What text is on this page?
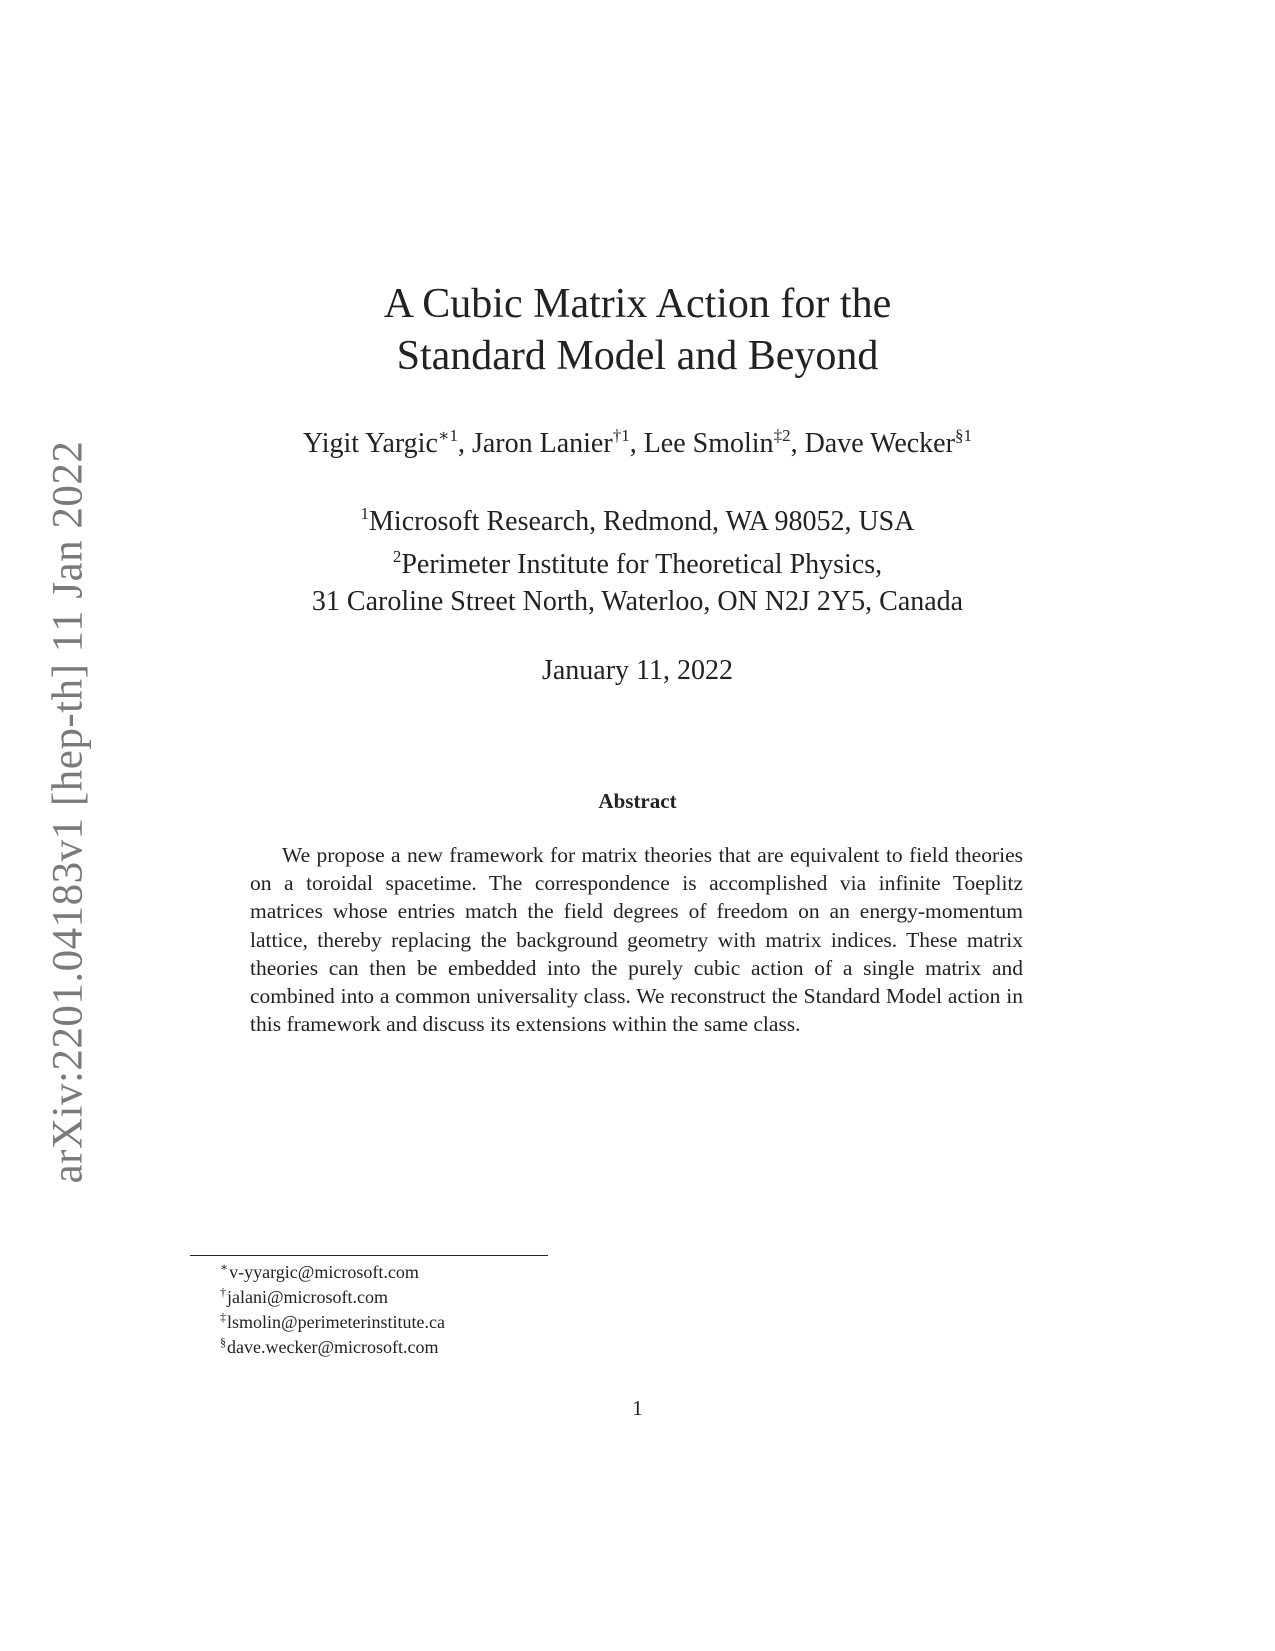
arXiv:2201.04183v1 [hep-th] 11 Jan 2022
A Cubic Matrix Action for the
Standard Model and Beyond
Yigit Yargic$^{∗1}$, Jaron Lanier$^{\dagger 1}$, Lee Smolin$^{\ddagger 2}$, Dave Wecker$^{\S 1}$
$^1$Microsoft Research, Redmond, WA 98052, USA
$^2$Perimeter Institute for Theoretical Physics,
31 Caroline Street North, Waterloo, ON N2J 2Y5, Canada
January 11, 2022
Abstract
We propose a new framework for matrix theories that are equivalent to field theories on a toroidal spacetime. The correspondence is accomplished via infinite Toeplitz matrices whose entries match the field degrees of freedom on an energy-momentum lattice, thereby replacing the background geometry with matrix indices. These matrix theories can then be embedded into the purely cubic action of a single matrix and combined into a common universality class. We reconstruct the Standard Model action in this framework and discuss its extensions within the same class.
∗v-yyargic@microsoft.com
†jalani@microsoft.com
‡lsmolin@perimeterinstitute.ca
§dave.wecker@microsoft.com
1
